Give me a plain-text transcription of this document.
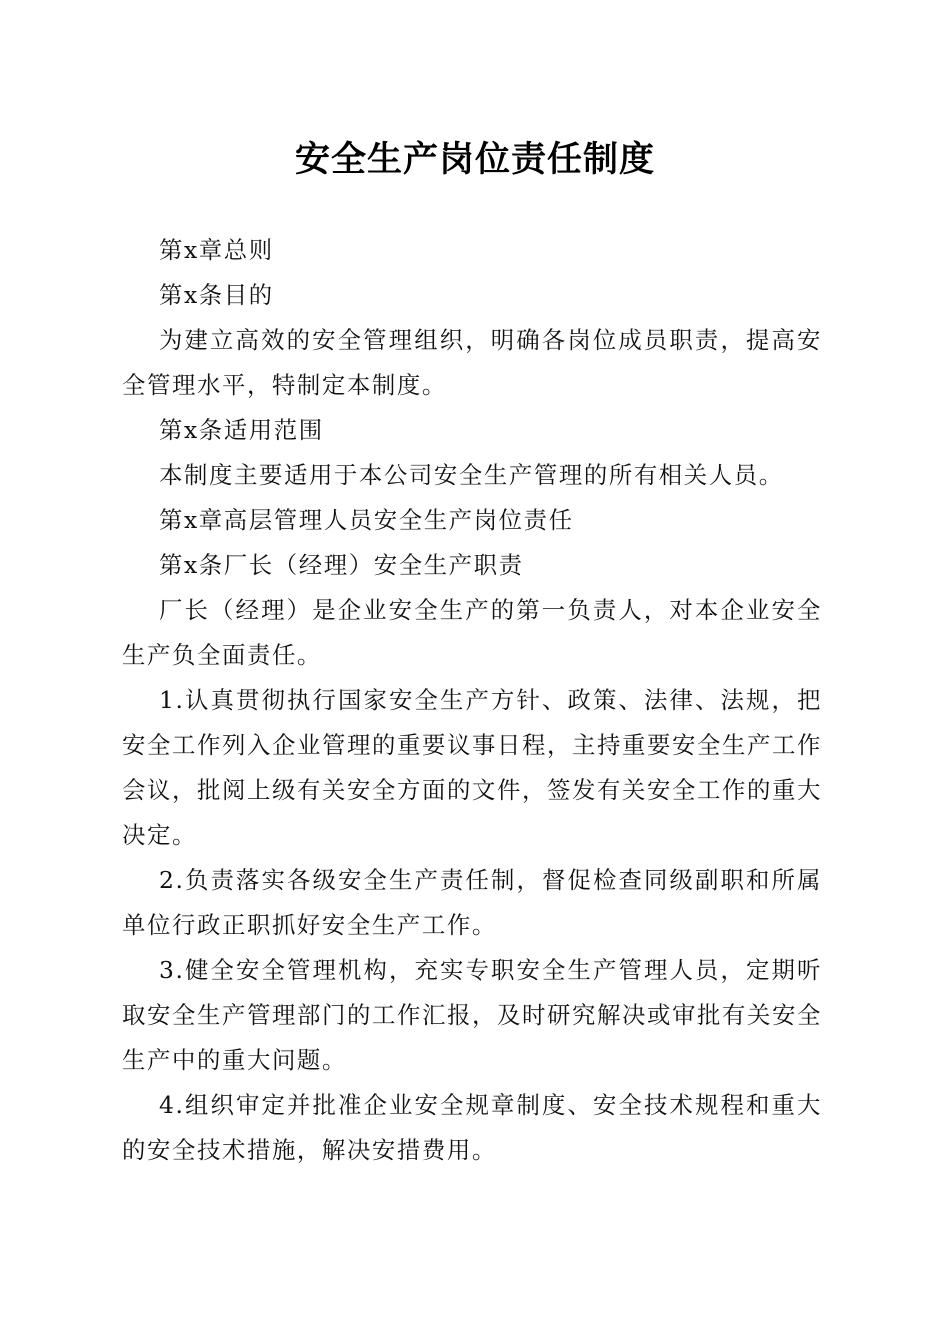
安全生产岗位责任制度

第x章总则

第x条目的

为建立高效的安全管理组织，明确各岗位成员职责，提高安全管理水平，特制定本制度。

第x条适用范围

本制度主要适用于本公司安全生产管理的所有相关人员。

第x章高层管理人员安全生产岗位责任

第x条厂长（经理）安全生产职责

厂长（经理）是企业安全生产的第一负责人，对本企业安全生产负全面责任。

1.认真贯彻执行国家安全生产方针、政策、法律、法规，把安全工作列入企业管理的重要议事日程，主持重要安全生产工作会议，批阅上级有关安全方面的文件，签发有关安全工作的重大决定。

2.负责落实各级安全生产责任制，督促检查同级副职和所属单位行政正职抓好安全生产工作。

3.健全安全管理机构，充实专职安全生产管理人员，定期听取安全生产管理部门的工作汇报，及时研究解决或审批有关安全生产中的重大问题。

4.组织审定并批准企业安全规章制度、安全技术规程和重大的安全技术措施，解决安措费用。
